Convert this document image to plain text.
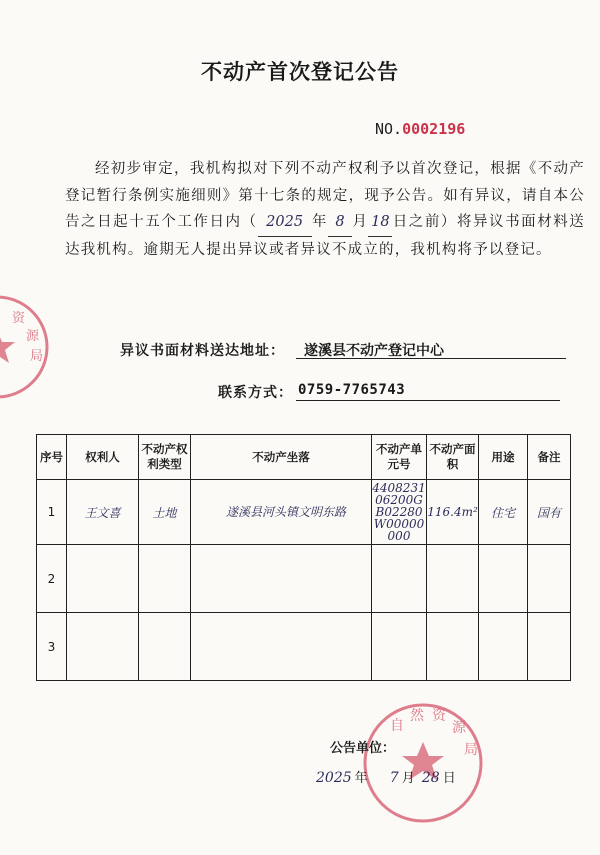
资
源
局
不动产首次登记公告
NO.0002196
经初步审定，我机构拟对下列不动产权利予以首次登记，根据《不动产登记暂行条例实施细则》第十七条的规定，现予公告。如有异议，请自本公告之日起十五个工作日内（ 2025 年 8 月 18 日之前）将异议书面材料送达我机构。逾期无人提出异议或者异议不成立的，我机构将予以登记。
异议书面材料送达地址：	遂溪县不动产登记中心
联系方式： 0759-7765743
序号	权利人	不动产权利类型	不动产坐落	不动产单元号	不动产面积	用途	备注
1	王文喜	土地	遂溪县河头镇文明东路	440823106200GB02280W00000000	116.4m²	住宅	国有
2							
3							
自
然 资
源
局
公告单位：
2025 年 7 月 28 日
